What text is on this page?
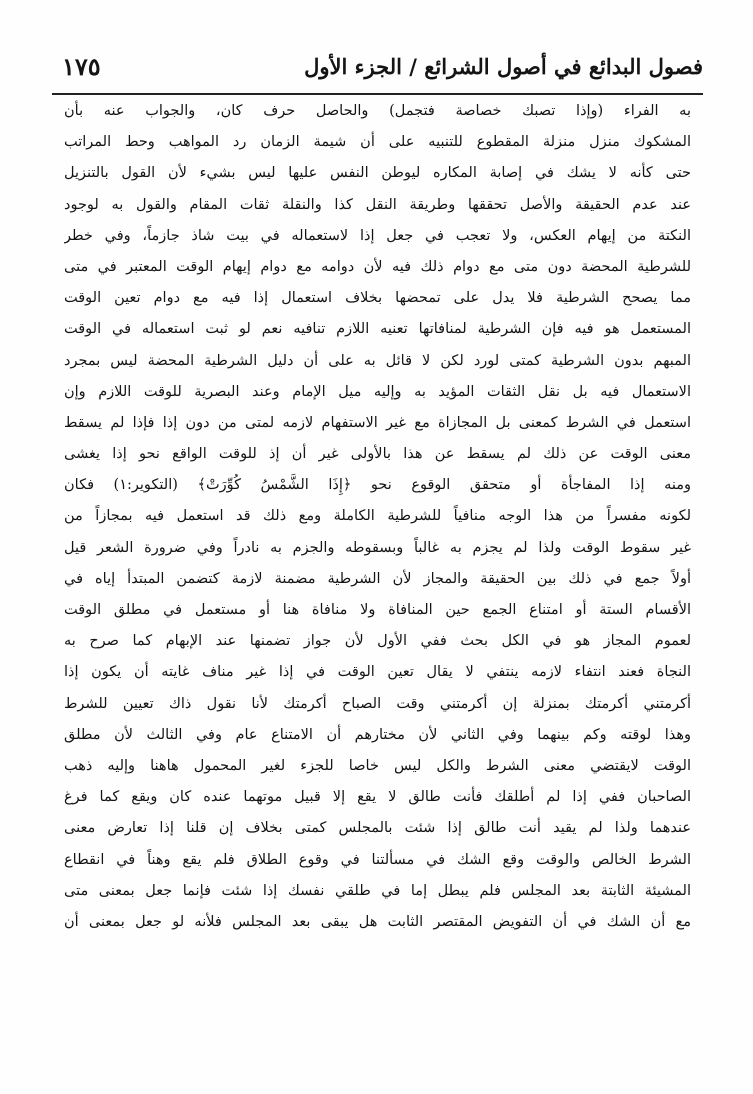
فصول البدائع في أصول الشرائع / الجزء الأول
١٧٥
به الفراء (وإذا تصبك خصاصة فتجمل) والحاصل حرف كان، والجواب عنه بأن
المشكوك منزل منزلة المقطوع للتنبيه على أن شيمة الزمان رد المواهب وحط المراتب
حتى كأنه لا يشك في إصابة المكاره ليوطن النفس عليها ليس بشيء لأن القول بالتنزيل
عند عدم الحقيقة والأصل تحققها وطريقة النقل كذا والنقلة ثقات المقام والقول به لوجود
النكتة من إيهام العكس، ولا تعجب في جعل إذا لاستعماله في بيت شاذ جازماً، وفي خطر
للشرطية المحضة دون متى مع دوام ذلك فيه لأن دوامه مع دوام إيهام الوقت المعتبر في متى
مما يصحح الشرطية فلا يدل على تمحضها بخلاف استعمال إذا فيه مع دوام تعين الوقت
المستعمل هو فيه فإن الشرطية لمنافاتها تعنيه اللازم تنافيه نعم لو ثبت استعماله في الوقت
المبهم بدون الشرطية كمتى لورد لكن لا قائل به على أن دليل الشرطية المحضة ليس بمجرد
الاستعمال فيه بل نقل الثقات المؤيد به وإليه ميل الإمام وعند البصرية للوقت اللازم وإن
استعمل في الشرط كمعنى بل المجازاة مع غير الاستفهام لازمه لمتى من دون إذا فإذا لم يسقط
معنى الوقت عن ذلك لم يسقط عن هذا بالأولى غير أن إذ للوقت الواقع نحو إذا يغشى
ومنه إذا المفاجأة أو متحقق الوقوع نحو ﴿إِذَا الشَّمْسُ كُوِّرَتْ﴾ (التكوير:١) فكان
لكونه مفسراً من هذا الوجه منافياً للشرطية الكاملة ومع ذلك قد استعمل فيه بمجازاً من
غير سقوط الوقت ولذا لم يجزم به غالباً وبسقوطه والجزم به نادراً وفي ضرورة الشعر قيل
أولاً جمع في ذلك بين الحقيقة والمجاز لأن الشرطية مضمنة لازمة كتضمن المبتدأ إياه في
الأقسام الستة أو امتناع الجمع حين المنافاة ولا منافاة هنا أو مستعمل في مطلق الوقت
لعموم المجاز هو في الكل بحث ففي الأول لأن جواز تضمنها عند الإبهام كما صرح به
النجاة فعند انتفاء لازمه ينتفي لا يقال تعين الوقت في إذا غير مناف غايته أن يكون إذا
أكرمتني أكرمتك بمنزلة إن أكرمتني وقت الصباح أكرمتك لأنا نقول ذاك تعيين للشرط
وهذا لوقته وكم بينهما وفي الثاني لأن مختارهم أن الامتناع عام وفي الثالث لأن مطلق
الوقت لايقتضي معنى الشرط والكل ليس خاصا للجزء لغير المحمول هاهنا وإليه ذهب
الصاحبان ففي إذا لم أطلقك فأنت طالق لا يقع إلا قبيل موتهما عنده كان ويقع كما فرغ
عندهما ولذا لم يقيد أنت طالق إذا شئت بالمجلس كمتى بخلاف إن قلنا إذا تعارض معنى
الشرط الخالص والوقت وقع الشك في مسألتنا في وقوع الطلاق فلم يقع وهناً في انقطاع
المشيئة الثابتة بعد المجلس فلم يبطل إما في طلقي نفسك إذا شئت فإنما جعل بمعنى متى
مع أن الشك في أن التفويض المقتصر الثابت هل يبقى بعد المجلس فلأنه لو جعل بمعنى أن
